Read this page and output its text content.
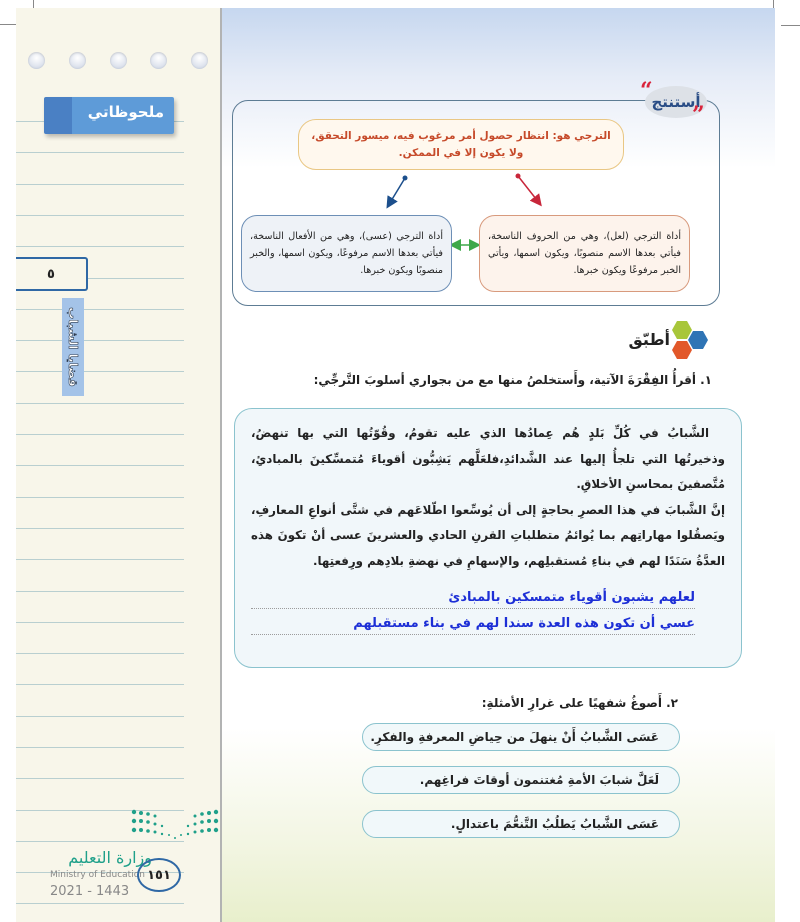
ملحوظاتي
٥
قضايا الشباب
وزارة التعليم
Ministry of Education
2021 - 1443
١٥١
أستنتج
“
”

الترجي هو: انتظار حصول أمر مرغوب فيه، ميسور التحقق،
ولا يكون إلا في الممكن.

أداة الترجي (عسى)، وهي من الأفعال الناسخة، فيأتي بعدها الاسم مرفوعًا، ويكون اسمها، والخبر منصوبًا ويكون خبرها.

أداة الترجي (لعل)، وهي من الحروف الناسخة، فيأتي بعدها الاسم منصوبًا، ويكون اسمها، ويأتي الخبر مرفوعًا ويكون خبرها.

أطبّق
١. أقرأُ الفِقْرَةَ الآتية، وأَستخلصُ منها مع من بجواري أسلوبَ التَّرجِّي:

الشَّبابُ في كُلِّ بَلدٍ هُم عِمادُها الذي عليه تقومُ، وقُوّتُها التي بها تنهضُ، وذخيرتُها التي تلجأُ إليها عند الشَّدائدِ،فلعَلَّهم يَشِبُّون أقوياءَ مُتمسِّكينَ بالمبادئِ، مُتَّصفينَ بمحاسنِ الأخلاقِ.
إنَّ الشَّبابَ في هذا العصرِ بحاجةٍ إلى أن يُوسِّعوا اطّلاعَهم في شتَّى أنواعِ المعارفِ، ويَصقُلوا مهاراتِهم بما يُوائمُ متطلباتِ القرنِ الحادي والعشرينَ عسى أنْ تكونَ هذه العدَّةُ سَنَدًا لهم في بناءِ مُستقبلِهم، والإسهامِ في نهضةِ بلادِهم ورِفعتِها.

لعلهم يشبون أقوياء متمسكين بالمبادئ
عسي أن تكون هذه العدة سندا لهم في بناء مستقبلهم
٢. أَصوغُ شفهيًا على غرارِ الأمثلةِ:
عَسَى الشَّبابُ أَنْ ينهلَ من حِياضِ المعرفةِ والفكرِ.
لَعَلَّ شبابَ الأمةِ مُغتنمون أوقاتَ فراغِهم.
عَسَى الشَّبابُ يَطلُبُ التَّنعُّمَ باعتدالٍ.
